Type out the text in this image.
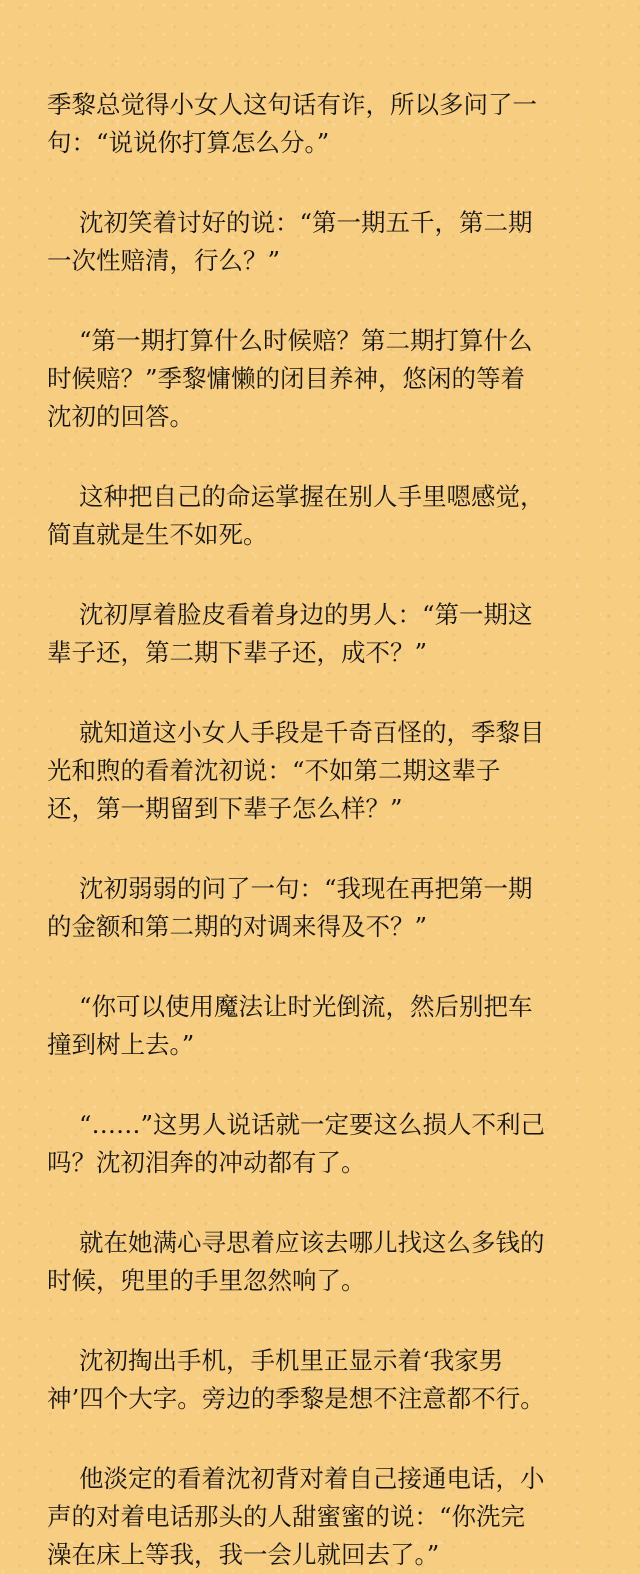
季黎总觉得小女人这句话有诈，所以多问了一
句：“说说你打算怎么分。”
沈初笑着讨好的说：“第一期五千，第二期
一次性赔清，行么？”
“第一期打算什么时候赔？第二期打算什么
时候赔？”季黎慵懒的闭目养神，悠闲的等着
沈初的回答。
这种把自己的命运掌握在别人手里嗯感觉，
简直就是生不如死。
沈初厚着脸皮看着身边的男人：“第一期这
辈子还，第二期下辈子还，成不？”
就知道这小女人手段是千奇百怪的，季黎目
光和煦的看着沈初说：“不如第二期这辈子
还，第一期留到下辈子怎么样？”
沈初弱弱的问了一句：“我现在再把第一期
的金额和第二期的对调来得及不？”
“你可以使用魔法让时光倒流，然后别把车
撞到树上去。”
“……”这男人说话就一定要这么损人不利己
吗？沈初泪奔的冲动都有了。
就在她满心寻思着应该去哪儿找这么多钱的
时候，兜里的手里忽然响了。
沈初掏出手机，手机里正显示着‘我家男
神’四个大字。旁边的季黎是想不注意都不行。
他淡定的看着沈初背对着自己接通电话，小
声的对着电话那头的人甜蜜蜜的说：“你洗完
澡在床上等我，我一会儿就回去了。”
